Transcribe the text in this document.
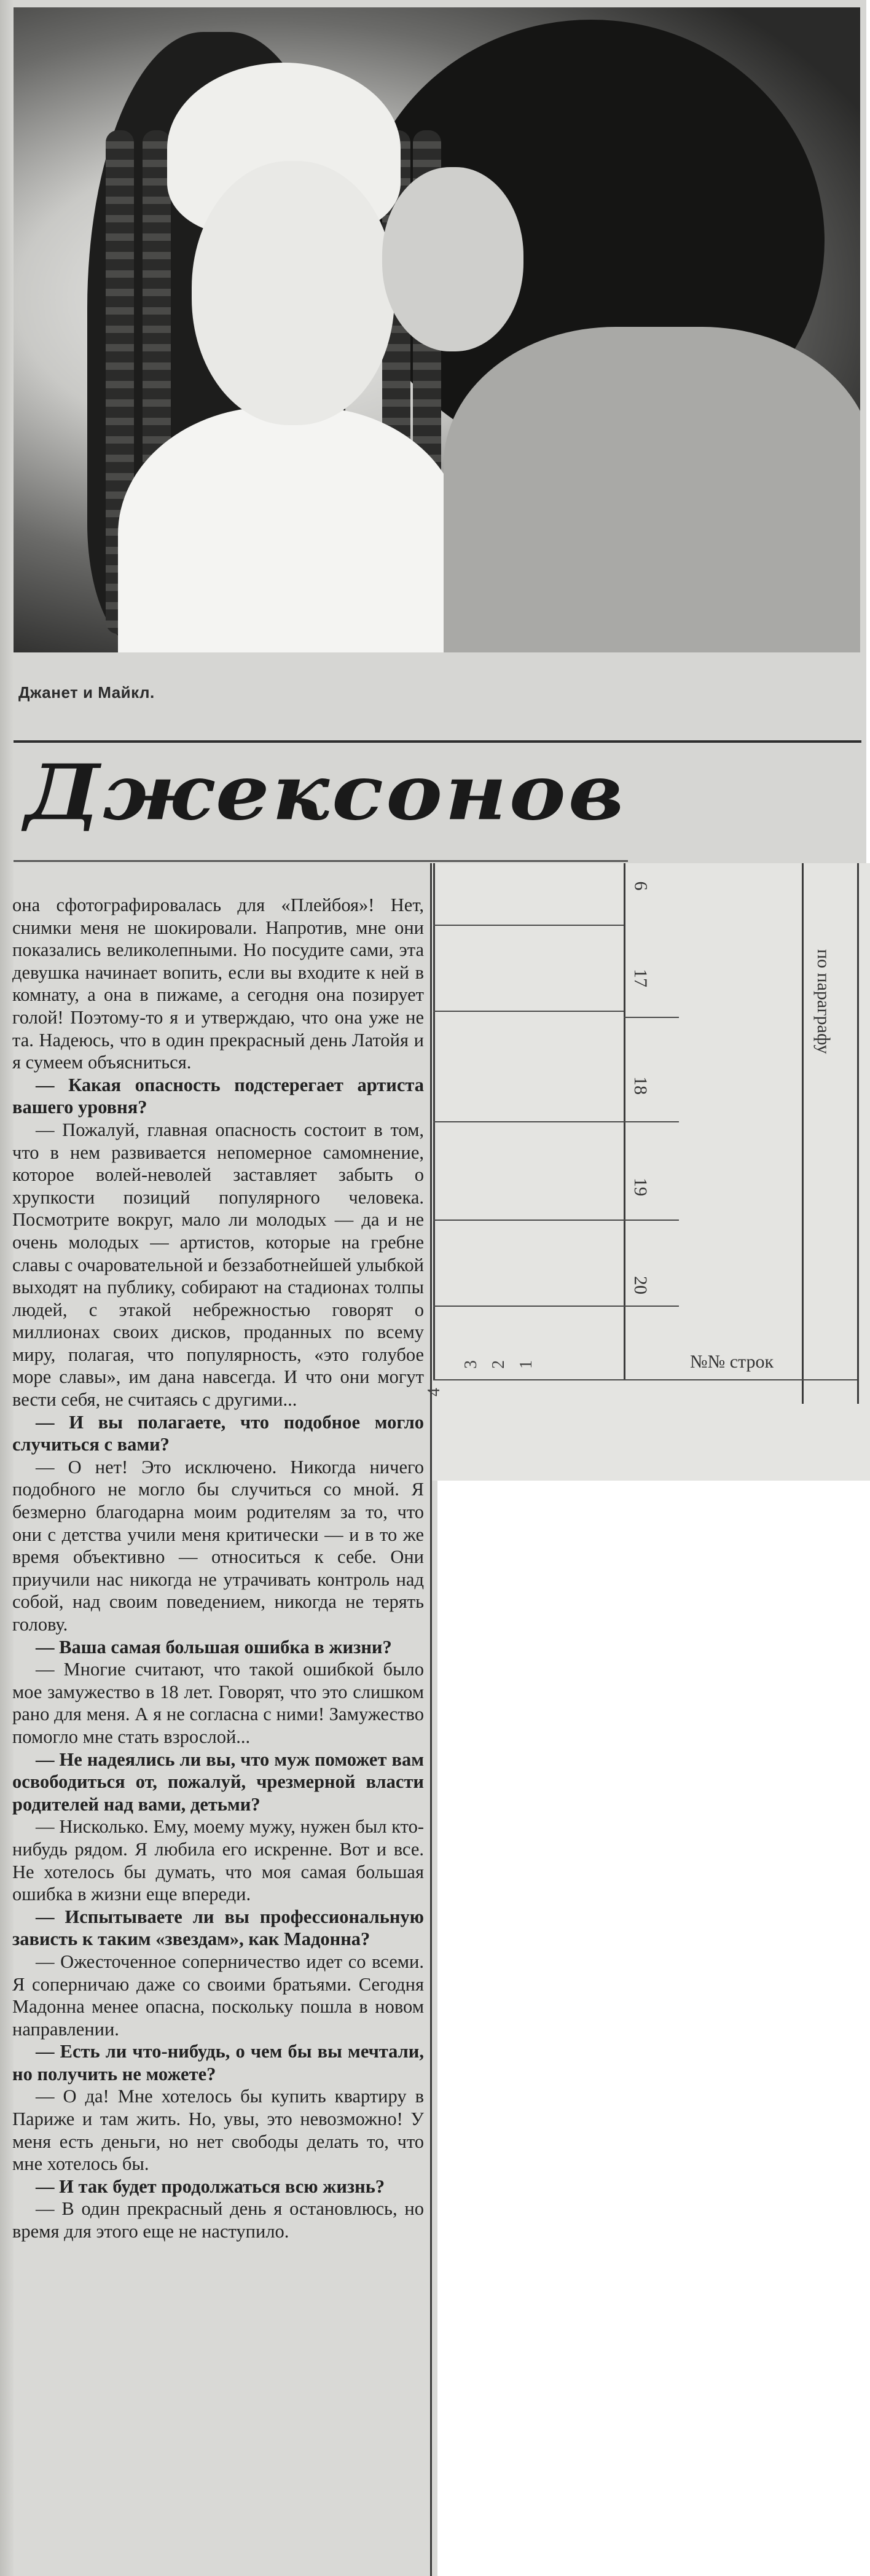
Джанет и Майкл.
Джексонов

она сфотографировалась для «Плейбоя»! Нет, снимки меня не шокировали. Напротив, мне они показались великолепными. Но посудите сами, эта девушка начинает вопить, если вы входите к ней в комнату, а она в пижаме, а сегодня она позирует голой! Поэтому-то я и утверждаю, что она уже не та. Надеюсь, что в один прекрасный день Латойя и я сумеем объясниться.

— Какая опасность подстерегает артиста вашего уровня?

— Пожалуй, главная опасность состоит в том, что в нем развивается непомерное самомнение, которое волей-неволей заставляет забыть о хрупкости позиций популярного человека. Посмотрите вокруг, мало ли молодых — да и не очень молодых — артистов, которые на гребне славы с очаровательной и беззаботнейшей улыбкой выходят на публику, собирают на стадионах толпы людей, с этакой небрежностью говорят о миллионах своих дисков, проданных по всему миру, полагая, что популярность, «это голубое море славы», им дана навсегда. И что они могут вести себя, не считаясь с другими...

— И вы полагаете, что подобное могло случиться с вами?

— О нет! Это исключено. Никогда ничего подобного не могло бы случиться со мной. Я безмерно благодарна моим родителям за то, что они с детства учили меня критически — и в то же время объективно — относиться к себе. Они приучили нас никогда не утрачивать контроль над собой, над своим поведением, никогда не терять голову.

— Ваша самая большая ошибка в жизни?

— Многие считают, что такой ошибкой было мое замужество в 18 лет. Говорят, что это слишком рано для меня. А я не согласна с ними! Замужество помогло мне стать взрослой...

— Не надеялись ли вы, что муж поможет вам освободиться от, пожалуй, чрезмерной власти родителей над вами, детьми?

— Нисколько. Ему, моему мужу, нужен был кто-нибудь рядом. Я любила его искренне. Вот и все. Не хотелось бы думать, что моя самая большая ошибка в жизни еще впереди.

— Испытываете ли вы профессиональную зависть к таким «звездам», как Мадонна?

— Ожесточенное соперничество идет со всеми. Я соперничаю даже со своими братьями. Сегодня Мадонна менее опасна, поскольку пошла в новом направлении.

— Есть ли что-нибудь, о чем бы вы мечтали, но получить не можете?

— О да! Мне хотелось бы купить квартиру в Париже и там жить. Но, увы, это невозможно! У меня есть деньги, но нет свободы делать то, что мне хотелось бы.

— И так будет продолжаться всю жизнь?

— В один прекрасный день я остановлюсь, но время для этого еще не наступило.

6
17
18
19
20
1
2
3
4
по параграфу
№№ строк
